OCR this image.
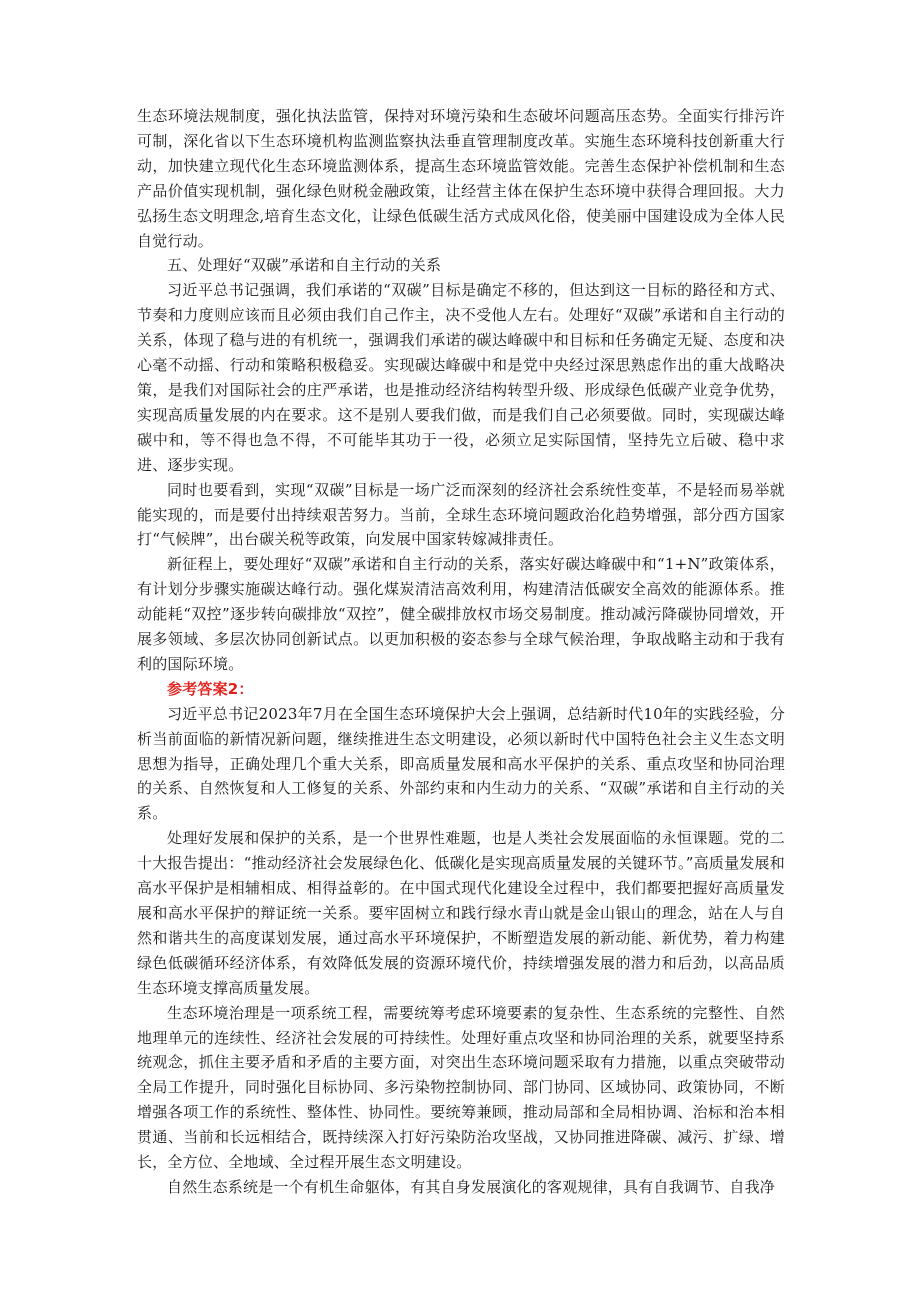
生态环境法规制度，强化执法监管，保持对环境污染和生态破坏问题高压态势。全面实行排污许可制，深化省以下生态环境机构监测监察执法垂直管理制度改革。实施生态环境科技创新重大行动，加快建立现代化生态环境监测体系，提高生态环境监管效能。完善生态保护补偿机制和生态产品价值实现机制，强化绿色财税金融政策，让经营主体在保护生态环境中获得合理回报。大力弘扬生态文明理念,培育生态文化，让绿色低碳生活方式成风化俗，使美丽中国建设成为全体人民自觉行动。

五、处理好“双碳”承诺和自主行动的关系

习近平总书记强调，我们承诺的“双碳”目标是确定不移的，但达到这一目标的路径和方式、节奏和力度则应该而且必须由我们自己作主，决不受他人左右。处理好“双碳”承诺和自主行动的关系，体现了稳与进的有机统一，强调我们承诺的碳达峰碳中和目标和任务确定无疑、态度和决心毫不动摇、行动和策略积极稳妥。实现碳达峰碳中和是党中央经过深思熟虑作出的重大战略决策，是我们对国际社会的庄严承诺，也是推动经济结构转型升级、形成绿色低碳产业竞争优势，实现高质量发展的内在要求。这不是别人要我们做，而是我们自己必须要做。同时，实现碳达峰碳中和，等不得也急不得，不可能毕其功于一役，必须立足实际国情，坚持先立后破、稳中求进、逐步实现。

同时也要看到，实现“双碳”目标是一场广泛而深刻的经济社会系统性变革，不是轻而易举就能实现的，而是要付出持续艰苦努力。当前，全球生态环境问题政治化趋势增强，部分西方国家打“气候牌”，出台碳关税等政策，向发展中国家转嫁减排责任。

新征程上，要处理好“双碳”承诺和自主行动的关系，落实好碳达峰碳中和“1+N”政策体系，有计划分步骤实施碳达峰行动。强化煤炭清洁高效利用，构建清洁低碳安全高效的能源体系。推动能耗“双控”逐步转向碳排放“双控”，健全碳排放权市场交易制度。推动减污降碳协同增效，开展多领域、多层次协同创新试点。以更加积极的姿态参与全球气候治理，争取战略主动和于我有利的国际环境。

参考答案2：

习近平总书记2023年7月在全国生态环境保护大会上强调，总结新时代10年的实践经验，分析当前面临的新情况新问题，继续推进生态文明建设，必须以新时代中国特色社会主义生态文明思想为指导，正确处理几个重大关系，即高质量发展和高水平保护的关系、重点攻坚和协同治理的关系、自然恢复和人工修复的关系、外部约束和内生动力的关系、“双碳”承诺和自主行动的关系。

处理好发展和保护的关系，是一个世界性难题，也是人类社会发展面临的永恒课题。党的二十大报告提出：“推动经济社会发展绿色化、低碳化是实现高质量发展的关键环节。”高质量发展和高水平保护是相辅相成、相得益彰的。在中国式现代化建设全过程中，我们都要把握好高质量发展和高水平保护的辩证统一关系。要牢固树立和践行绿水青山就是金山银山的理念，站在人与自然和谐共生的高度谋划发展，通过高水平环境保护，不断塑造发展的新动能、新优势，着力构建绿色低碳循环经济体系，有效降低发展的资源环境代价，持续增强发展的潜力和后劲，以高品质生态环境支撑高质量发展。

生态环境治理是一项系统工程，需要统筹考虑环境要素的复杂性、生态系统的完整性、自然地理单元的连续性、经济社会发展的可持续性。处理好重点攻坚和协同治理的关系，就要坚持系统观念，抓住主要矛盾和矛盾的主要方面，对突出生态环境问题采取有力措施，以重点突破带动全局工作提升，同时强化目标协同、多污染物控制协同、部门协同、区域协同、政策协同，不断增强各项工作的系统性、整体性、协同性。要统筹兼顾，推动局部和全局相协调、治标和治本相贯通、当前和长远相结合，既持续深入打好污染防治攻坚战，又协同推进降碳、减污、扩绿、增长，全方位、全地域、全过程开展生态文明建设。

自然生态系统是一个有机生命躯体，有其自身发展演化的客观规律，具有自我调节、自我净
